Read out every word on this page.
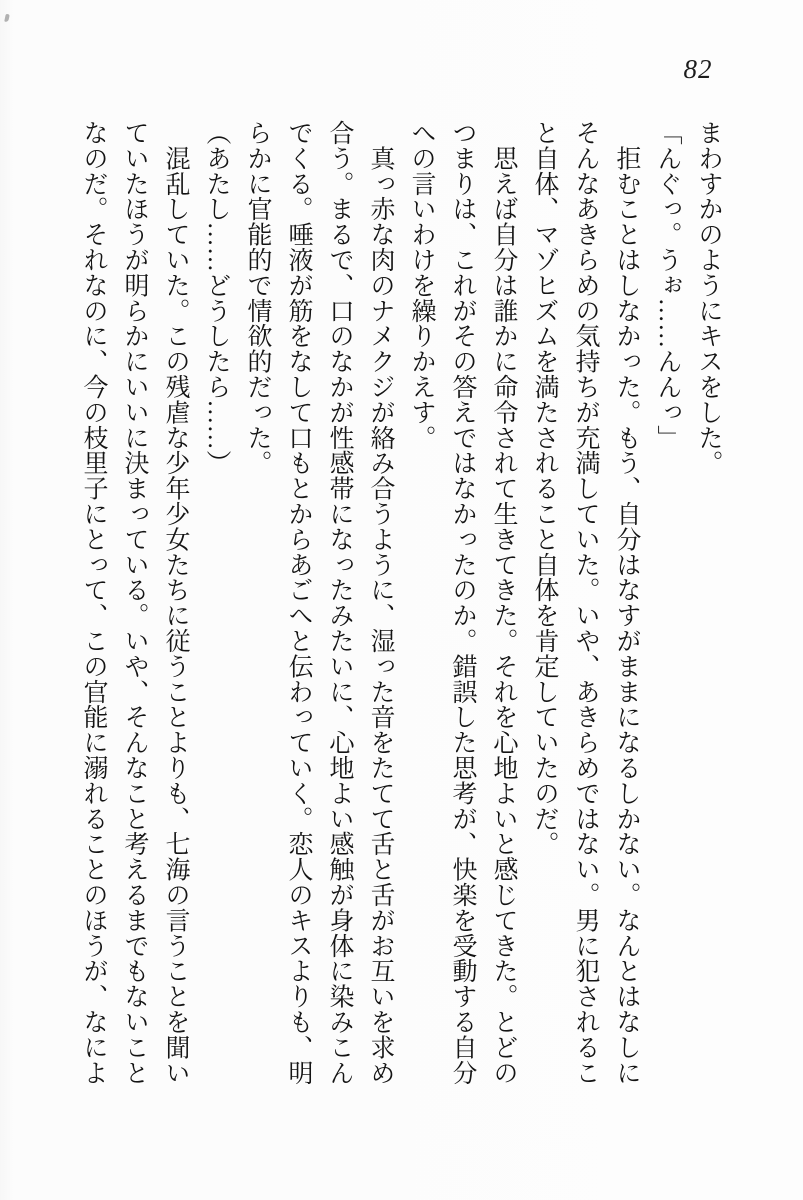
82

まわすかのようにキスをした。

「んぐっ。うぉ……んんっ」

　拒むことはしなかった。もう、自分はなすがままになるしかない。なんとはなしに

そんなあきらめの気持ちが充満していた。いや、あきらめではない。男に犯されるこ

と自体、マゾヒズムを満たされること自体を肯定していたのだ。

　思えば自分は誰かに命令されて生きてきた。それを心地よいと感じてきた。とどの

つまりは、これがその答えではなかったのか。錯誤した思考が、快楽を受動する自分

への言いわけを繰りかえす。

　真っ赤な肉のナメクジが絡み合うように、湿った音をたてて舌と舌がお互いを求め

合う。まるで、口のなかが性感帯になったみたいに、心地よい感触が身体に染みこん

でくる。唾液が筋をなして口もとからあごへと伝わっていく。恋人のキスよりも、明

らかに官能的で情欲的だった。

（あたし……どうしたら……）

　混乱していた。この残虐な少年少女たちに従うことよりも、七海の言うことを聞い

ていたほうが明らかにいいに決まっている。いや、そんなこと考えるまでもないこと

なのだ。それなのに、今の枝里子にとって、この官能に溺れることのほうが、なによ
